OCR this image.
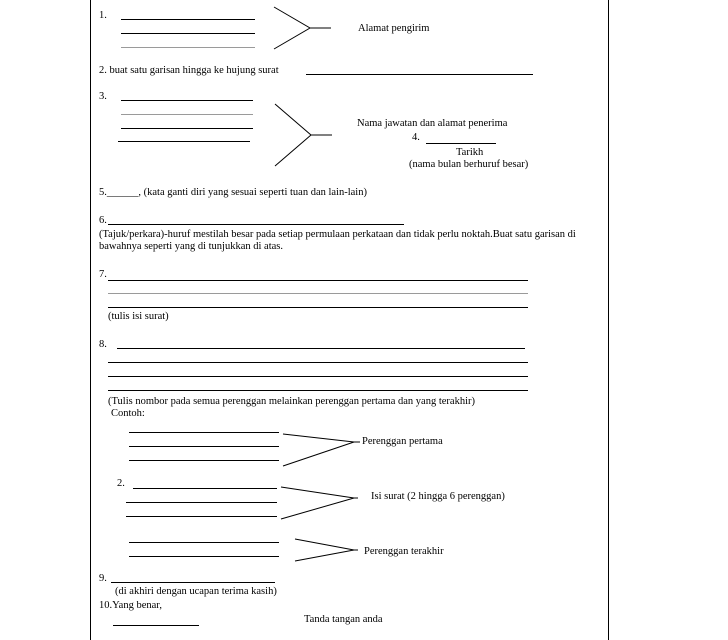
1.
Alamat pengirim
2. buat satu garisan hingga ke hujung surat
3.
Nama jawatan dan alamat penerima
4.
Tarikh
(nama bulan berhuruf besar)
5.______, (kata ganti diri yang sesuai seperti tuan dan lain-lain)
6.
(Tajuk/perkara)-huruf mestilah besar pada setiap permulaan perkataan dan tidak perlu noktah.Buat satu garisan di bawahnya seperti yang di tunjukkan di atas.
7.
(tulis isi surat)
8.
(Tulis nombor pada semua perenggan melainkan perenggan pertama dan yang terakhir)
Contoh:
Perenggan pertama
2.
Isi surat (2 hingga 6 perenggan)
Perenggan terakhir
9.
(di akhiri dengan ucapan terima kasih)
10.Yang benar,
Tanda tangan anda
